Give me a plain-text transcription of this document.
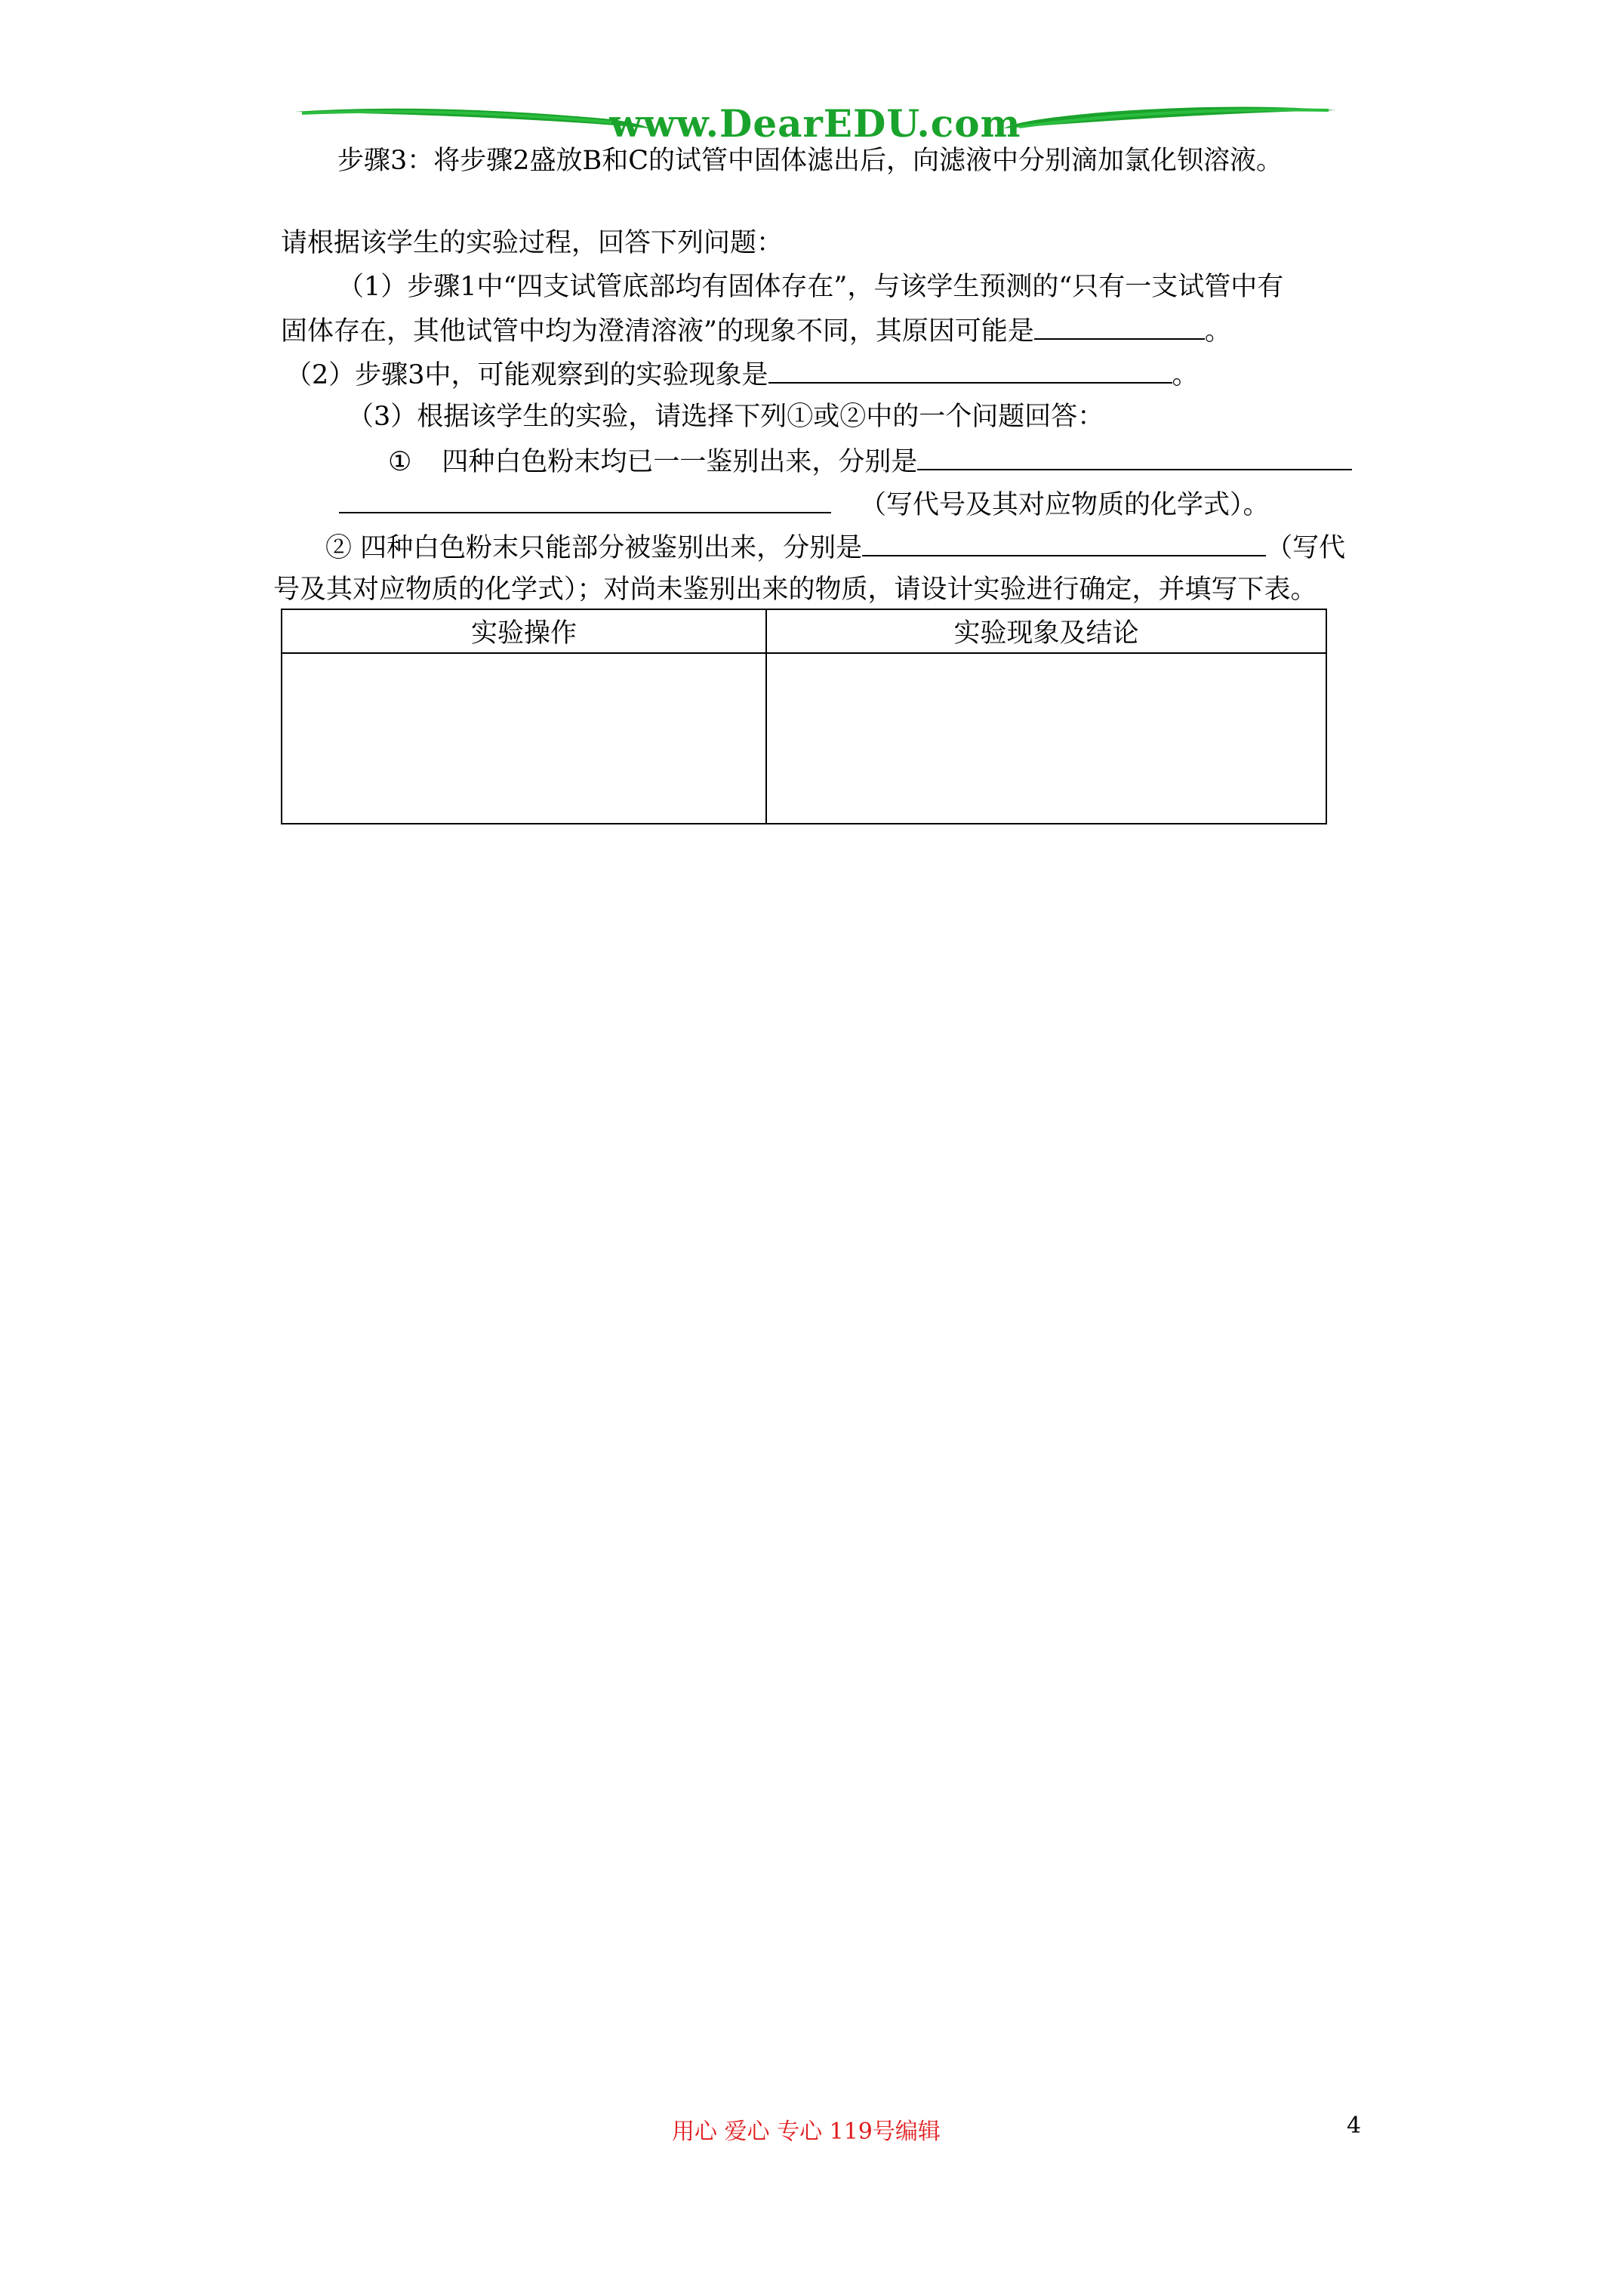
www.DearEDU.com
步骤3：将步骤2盛放B和C的试管中固体滤出后，向滤液中分别滴加氯化钡溶液。
请根据该学生的实验过程，回答下列问题：
（1）步骤1中“四支试管底部均有固体存在”，与该学生预测的“只有一支试管中有
固体存在，其他试管中均为澄清溶液”的现象不同，其原因可能是	。
（2）步骤3中，可能观察到的实验现象是	。
（3）根据该学生的实验，请选择下列①或②中的一个问题回答：
① 四种白色粉末均已一一鉴别出来，分别是
（写代号及其对应物质的化学式）。
② 四种白色粉末只能部分被鉴别出来，分别是	（写代
号及其对应物质的化学式）；对尚未鉴别出来的物质，请设计实验进行确定，并填写下表。
实验操作	实验现象及结论

用心 爱心 专心 119号编辑	4
